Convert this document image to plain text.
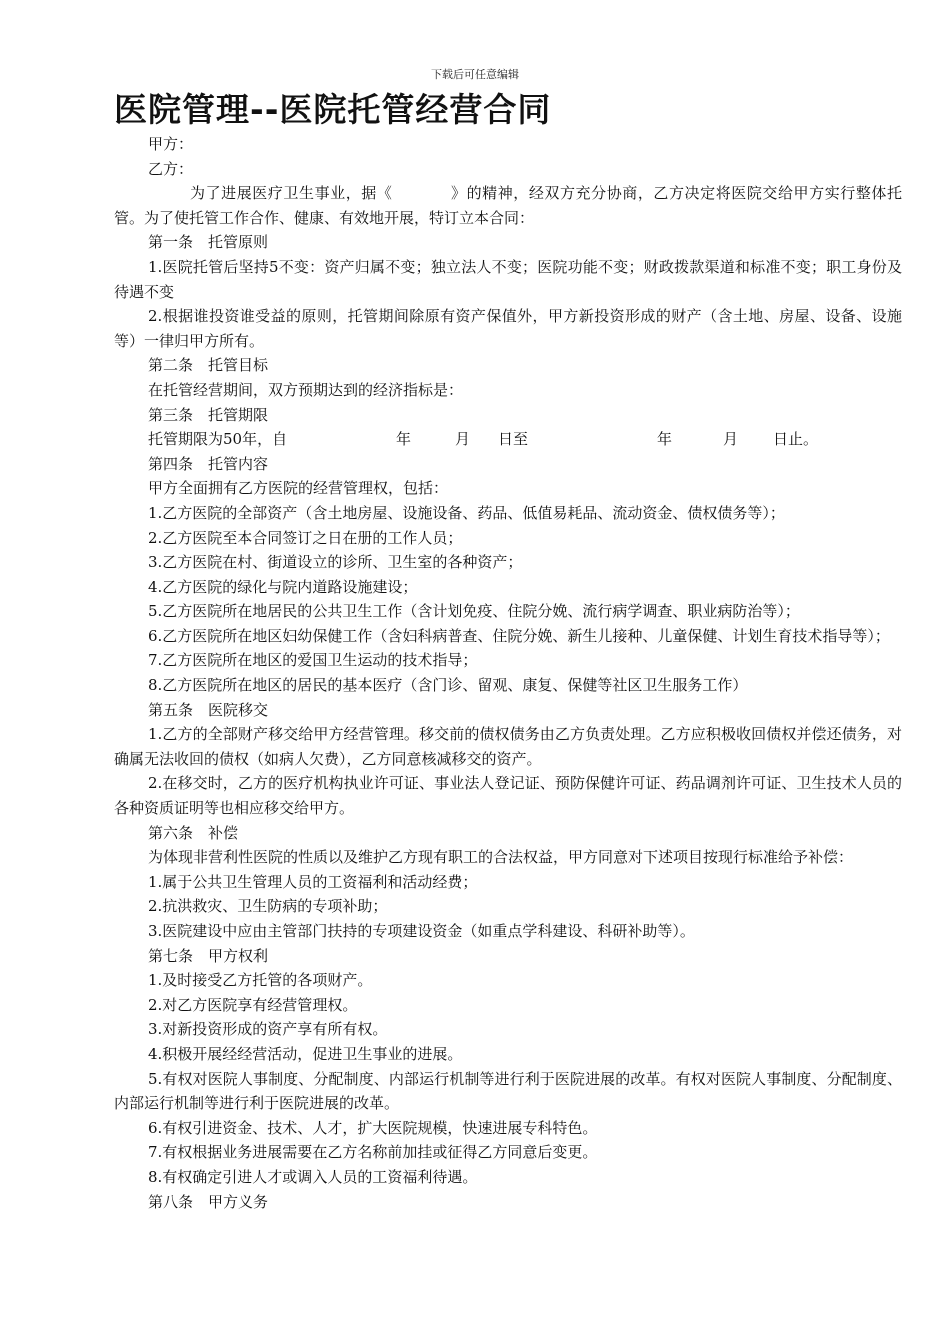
下载后可任意编辑
医院管理--医院托管经营合同

甲方：

乙方：

为了进展医疗卫生事业，据《	》的精神，经双方充分协商，乙方决定将医院交给甲方实行整体托管。为了使托管工作合作、健康、有效地开展，特订立本合同：

第一条　托管原则

1.医院托管后坚持5不变：资产归属不变；独立法人不变；医院功能不变；财政拨款渠道和标准不变；职工身份及待遇不变

2.根据谁投资谁受益的原则，托管期间除原有资产保值外，甲方新投资形成的财产（含土地、房屋、设备、设施等）一律归甲方所有。

第二条　托管目标

在托管经营期间，双方预期达到的经济指标是：

第三条　托管期限

托管期限为50年，自	年	月 日至	年	月 日止。

第四条　托管内容

甲方全面拥有乙方医院的经营管理权，包括：

1.乙方医院的全部资产（含土地房屋、设施设备、药品、低值易耗品、流动资金、债权债务等）；

2.乙方医院至本合同签订之日在册的工作人员；

3.乙方医院在村、街道设立的诊所、卫生室的各种资产；

4.乙方医院的绿化与院内道路设施建设；

5.乙方医院所在地居民的公共卫生工作（含计划免疫、住院分娩、流行病学调查、职业病防治等）；

6.乙方医院所在地区妇幼保健工作（含妇科病普查、住院分娩、新生儿接种、儿童保健、计划生育技术指导等）；

7.乙方医院所在地区的爱国卫生运动的技术指导；

8.乙方医院所在地区的居民的基本医疗（含门诊、留观、康复、保健等社区卫生服务工作）

第五条　医院移交

1.乙方的全部财产移交给甲方经营管理。移交前的债权债务由乙方负责处理。乙方应积极收回债权并偿还债务，对确属无法收回的债权（如病人欠费），乙方同意核减移交的资产。

2.在移交时，乙方的医疗机构执业许可证、事业法人登记证、预防保健许可证、药品调剂许可证、卫生技术人员的各种资质证明等也相应移交给甲方。

第六条　补偿

为体现非营利性医院的性质以及维护乙方现有职工的合法权益，甲方同意对下述项目按现行标准给予补偿：

1.属于公共卫生管理人员的工资福利和活动经费；

2.抗洪救灾、卫生防病的专项补助；

3.医院建设中应由主管部门扶持的专项建设资金（如重点学科建设、科研补助等）。

第七条　甲方权利

1.及时接受乙方托管的各项财产。

2.对乙方医院享有经营管理权。

3.对新投资形成的资产享有所有权。

4.积极开展经经营活动，促进卫生事业的进展。

5.有权对医院人事制度、分配制度、内部运行机制等进行利于医院进展的改革。有权对医院人事制度、分配制度、内部运行机制等进行利于医院进展的改革。

6.有权引进资金、技术、人才，扩大医院规模，快速进展专科特色。

7.有权根据业务进展需要在乙方名称前加挂或征得乙方同意后变更。

8.有权确定引进人才或调入人员的工资福利待遇。

第八条　甲方义务
